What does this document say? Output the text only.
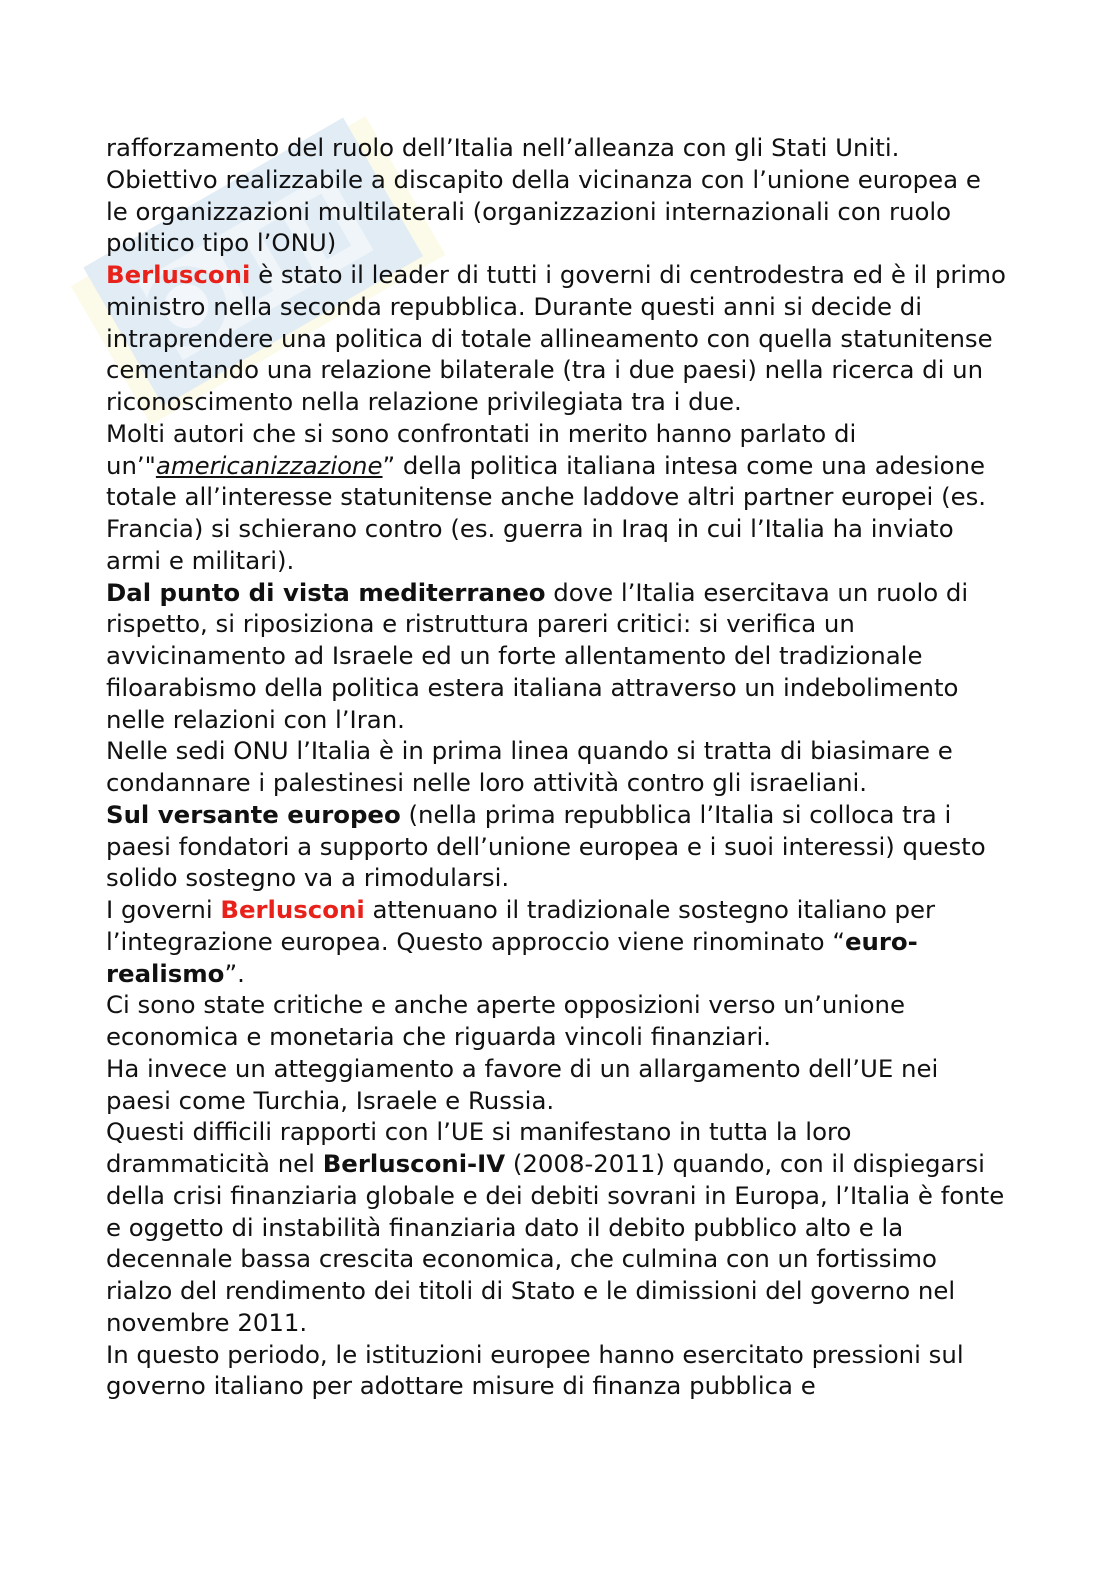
rafforzamento del ruolo dell’Italia nell’alleanza con gli Stati Uniti. Obiettivo realizzabile a discapito della vicinanza con l’unione europea e le organizzazioni multilaterali (organizzazioni internazionali con ruolo politico tipo l’ONU)

Berlusconi è stato il leader di tutti i governi di centrodestra ed è il primo ministro nella seconda repubblica. Durante questi anni si decide di intraprendere una politica di totale allineamento con quella statunitense cementando una relazione bilaterale (tra i due paesi) nella ricerca di un riconoscimento nella relazione privilegiata tra i due.

Molti autori che si sono confrontati in merito hanno parlato di un’"americanizzazione” della politica italiana intesa come una adesione totale all’interesse statunitense anche laddove altri partner europei (es. Francia) si schierano contro (es. guerra in Iraq in cui l’Italia ha inviato armi e militari).

Dal punto di vista mediterraneo dove l’Italia esercitava un ruolo di rispetto, si riposiziona e ristruttura pareri critici: si verifica un avvicinamento ad Israele ed un forte allentamento del tradizionale filoarabismo della politica estera italiana attraverso un indebolimento nelle relazioni con l’Iran.

Nelle sedi ONU l’Italia è in prima linea quando si tratta di biasimare e condannare i palestinesi nelle loro attività contro gli israeliani.

Sul versante europeo (nella prima repubblica l’Italia si colloca tra i paesi fondatori a supporto dell’unione europea e i suoi interessi) questo solido sostegno va a rimodularsi.

I governi Berlusconi attenuano il tradizionale sostegno italiano per l’integrazione europea. Questo approccio viene rinominato “euro-realismo”.

Ci sono state critiche e anche aperte opposizioni verso un’unione economica e monetaria che riguarda vincoli finanziari.

Ha invece un atteggiamento a favore di un allargamento dell’UE nei paesi come Turchia, Israele e Russia.

Questi difficili rapporti con l’UE si manifestano in tutta la loro drammaticità nel Berlusconi-IV (2008-2011) quando, con il dispiegarsi della crisi finanziaria globale e dei debiti sovrani in Europa, l’Italia è fonte e oggetto di instabilità finanziaria dato il debito pubblico alto e la decennale bassa crescita economica, che culmina con un fortissimo rialzo del rendimento dei titoli di Stato e le dimissioni del governo nel novembre 2011.

In questo periodo, le istituzioni europee hanno esercitato pressioni sul governo italiano per adottare misure di finanza pubblica e
